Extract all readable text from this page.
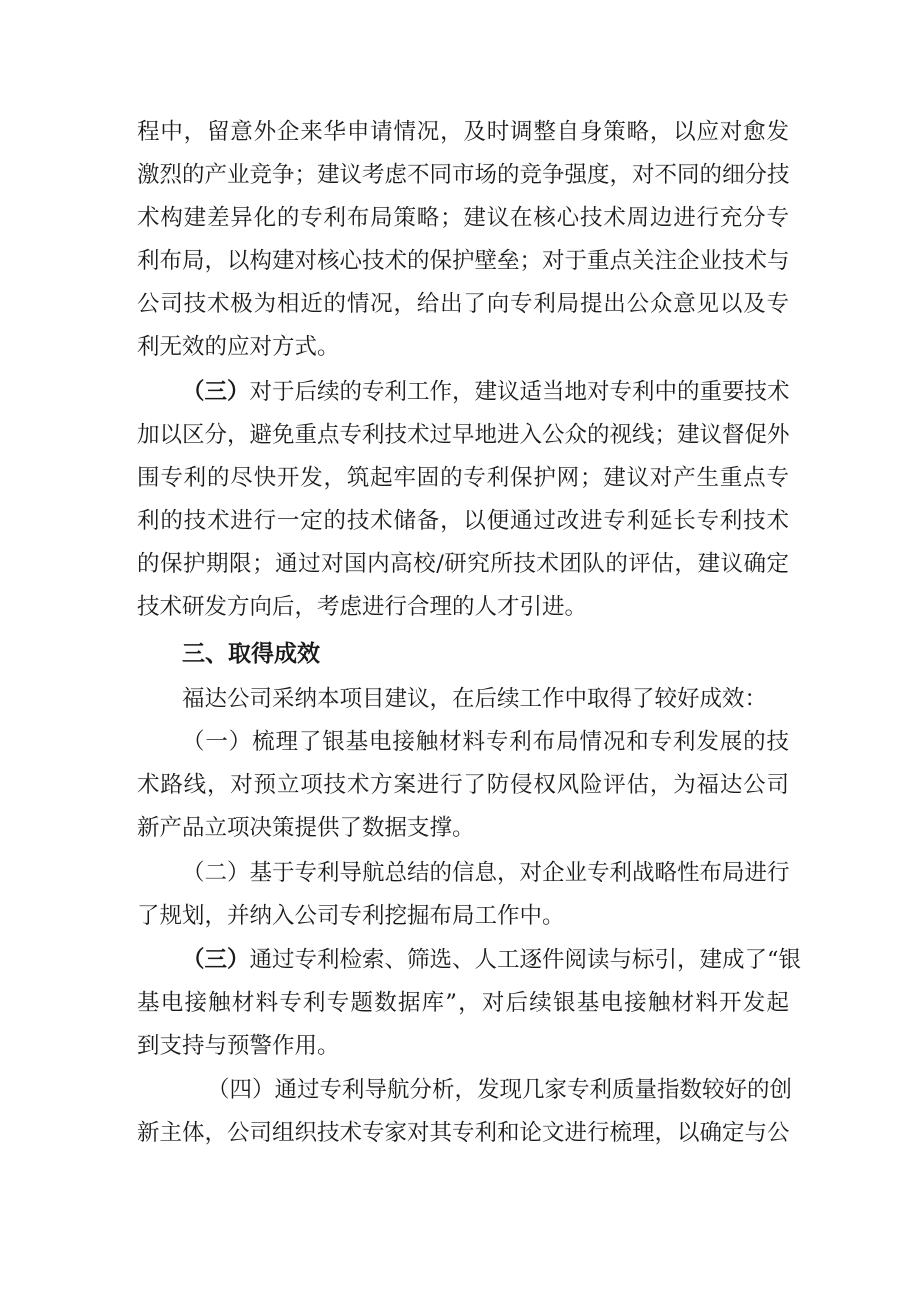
程中，留意外企来华申请情况，及时调整自身策略，以应对愈发
激烈的产业竞争；建议考虑不同市场的竞争强度，对不同的细分技
术构建差异化的专利布局策略；建议在核心技术周边进行充分专
利布局，以构建对核心技术的保护壁垒；对于重点关注企业技术与
公司技术极为相近的情况，给出了向专利局提出公众意见以及专
利无效的应对方式。
（三）对于后续的专利工作，建议适当地对专利中的重要技术
加以区分，避免重点专利技术过早地进入公众的视线；建议督促外
围专利的尽快开发，筑起牢固的专利保护网；建议对产生重点专
利的技术进行一定的技术储备，以便通过改进专利延长专利技术
的保护期限；通过对国内高校/研究所技术团队的评估，建议确定
技术研发方向后，考虑进行合理的人才引进。
三、取得成效
福达公司采纳本项目建议，在后续工作中取得了较好成效：
（一）梳理了银基电接触材料专利布局情况和专利发展的技
术路线，对预立项技术方案进行了防侵权风险评估，为福达公司
新产品立项决策提供了数据支撑。
（二）基于专利导航总结的信息，对企业专利战略性布局进行
了规划，并纳入公司专利挖掘布局工作中。
（三）通过专利检索、筛选、人工逐件阅读与标引，建成了“银
基电接触材料专利专题数据库”，对后续银基电接触材料开发起
到支持与预警作用。
（四）通过专利导航分析，发现几家专利质量指数较好的创
新主体，公司组织技术专家对其专利和论文进行梳理，以确定与公
